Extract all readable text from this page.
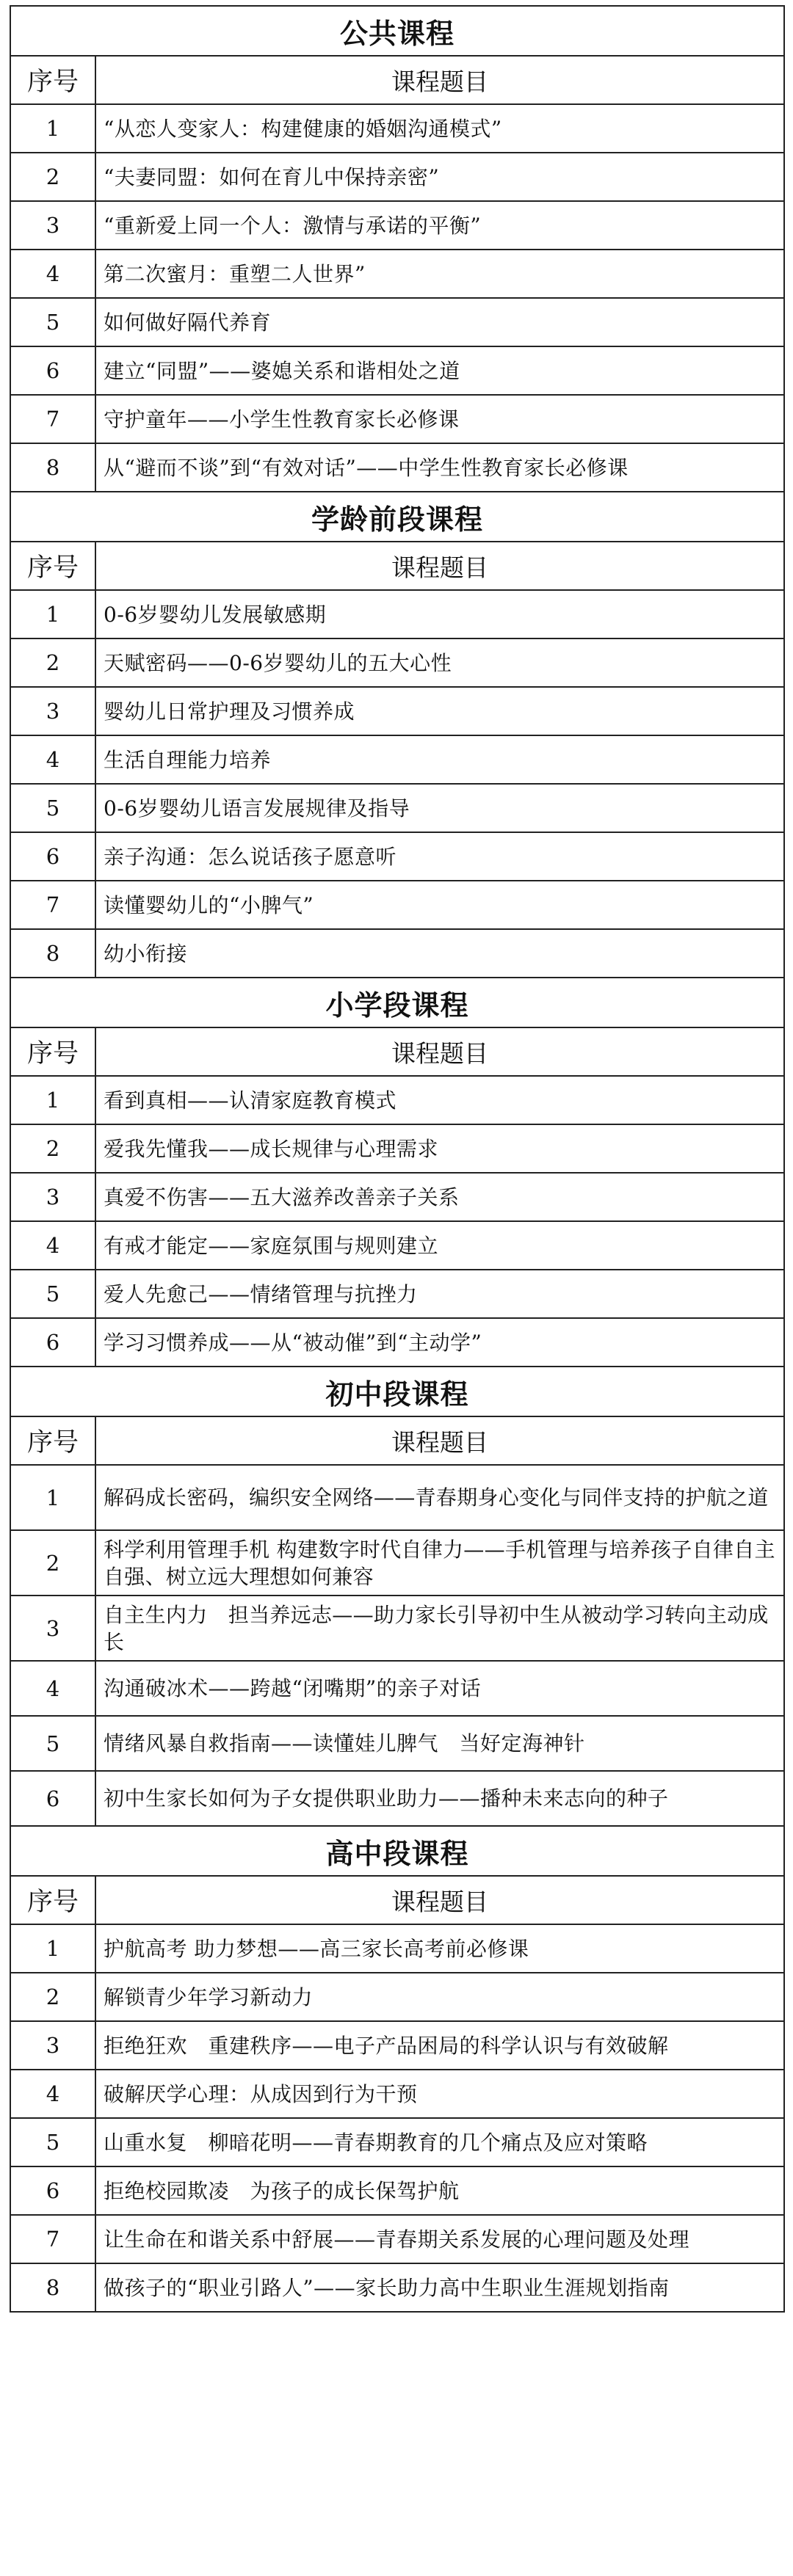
公共课程	
序号	课程题目
1	“从恋人变家人：构建健康的婚姻沟通模式”
2	“夫妻同盟：如何在育儿中保持亲密”
3	“重新爱上同一个人：激情与承诺的平衡”
4	第二次蜜月：重塑二人世界”
5	如何做好隔代养育
6	建立“同盟”——婆媳关系和谐相处之道
7	守护童年——小学生性教育家长必修课
8	从“避而不谈”到“有效对话”——中学生性教育家长必修课
学龄前段课程	
序号	课程题目
1	0-6岁婴幼儿发展敏感期
2	天赋密码——0-6岁婴幼儿的五大心性
3	婴幼儿日常护理及习惯养成
4	生活自理能力培养
5	0-6岁婴幼儿语言发展规律及指导
6	亲子沟通：怎么说话孩子愿意听
7	读懂婴幼儿的“小脾气”
8	幼小衔接
小学段课程	
序号	课程题目
1	看到真相——认清家庭教育模式
2	爱我先懂我——成长规律与心理需求
3	真爱不伤害——五大滋养改善亲子关系
4	有戒才能定——家庭氛围与规则建立
5	爱人先愈己——情绪管理与抗挫力
6	学习习惯养成——从“被动催”到“主动学”
初中段课程	
序号	课程题目
1	解码成长密码，编织安全网络——青春期身心变化与同伴支持的护航之道
2	科学利用管理手机 构建数字时代自律力——手机管理与培养孩子自律自主自强、树立远大理想如何兼容
3	自主生内力　担当养远志——助力家长引导初中生从被动学习转向主动成长
4	沟通破冰术——跨越“闭嘴期”的亲子对话
5	情绪风暴自救指南——读懂娃儿脾气　当好定海神针
6	初中生家长如何为子女提供职业助力——播种未来志向的种子
高中段课程	
序号	课程题目
1	护航高考 助力梦想——高三家长高考前必修课
2	解锁青少年学习新动力
3	拒绝狂欢　重建秩序——电子产品困局的科学认识与有效破解
4	破解厌学心理：从成因到行为干预
5	山重水复　柳暗花明——青春期教育的几个痛点及应对策略
6	拒绝校园欺凌　为孩子的成长保驾护航
7	让生命在和谐关系中舒展——青春期关系发展的心理问题及处理
8	做孩子的“职业引路人”——家长助力高中生职业生涯规划指南
